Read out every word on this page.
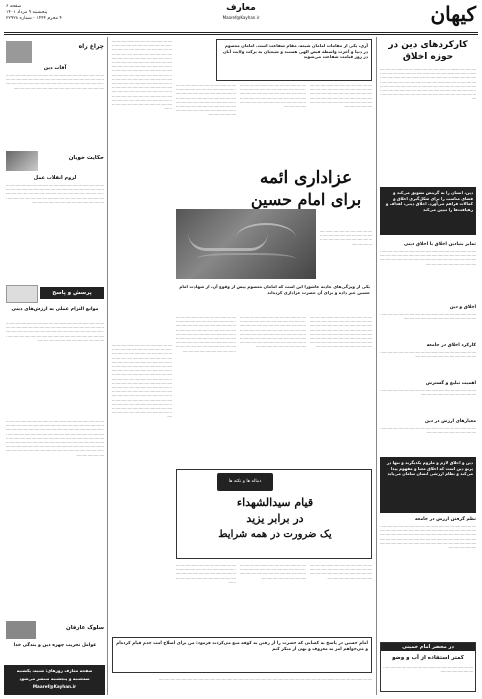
صفحه ۶
پنجشنبه ۹ مرداد ۱۴۰۱
۴ محرم ۱۴۴۴ - شماره ۲۲۹۲۸
معارف
Maaref@Kayhan.ir	کیهان
کارکردهای دین در حوزه اخلاق
ــــ ــــــ ـــــ ــــــــ ـــ ـــــــ ــــــ ــــ ـــــ ــــــــ ـــ ـــــ ـــــــ ــــ ـــــ ـــــ ـــــــ ــ ـــــ ـــــ ـــــــ ــــــ ــــ ـــــ ـــــــ ـــــ ـــــ ـــــ ـــــــ ــــ ـــــ ـــــ ــــــ ـــــ ـــــ ـــــــ ـــ ـــــ ــــــ ـــــ ــــ ـــــ ـــــــ ـــــ ـــــ ـــــــ ـــــ ـــــ ـــــ ـــــ ـــــ ـــ ـــــ ـــــ ـــــــ ـــــ ـــــ ــــ ـــــ ـــــ ـــــ ـــــ ـــــ ـــــ ـــــ ـــــ ـــــ ـــــ ـــــ ــــ ـــــ ـــــ ـــــ ـــــ ـــــ ـــ ـــــ ـــــ ـــــ ـــــ ـــــ ـــــ ـــــ ـــــ ـــــ ـــــ ـــــ ـــــ ـــــ ـــــ ـــــ ـــــ ـــــ ـــــ ـــــ ـــــ ـــــ ـــــ ـــــ ـــــ ـــــ ـــــ ـــــ ـــــ ـــــ ـــــ ـــــ ـــــ ـــــ ـــــ ـــــ ـــــ ـــــ ـــــ ـــــ ـــــ ـــــ
دین، انسان را به گزینش تشویق می‌کند و فضای مناسب را برای شکل‌گیری اخلاق و کمالات فراهم می‌آورد. اخلاق دینی، اهداف و رهیافت‌ها را تبیین می‌کند
تمایز بنیادین اخلاق با اخلاق دینی
ــــ ــــ ــــــ ـــــ ــــ ـــــ ـــــ ـــــــ ـــــ ــــ ـــــ ـــــ ــــ ـــــ ـــــ ـــــ ـــــ ـــــ ـــــ ـــــ ـــــ ـــــ ـــــ ـــــ ـــــ ـــــ ـــــ ـــــ ـــــ ـــــ ـــــ ـــــ ـــــ ـــــ ـــــ ـــــ ـــــ ـــــ ـــــ ـــــ ـــــ ـــــ ـــــ ـــــ ـــــ ـــــ ـــــ ـــــ ـــــ ـــــ ـــــ ـــــ ـــــ ـــــ ـــــ ـــــ ـــــ ـــــ ـــــ ـــــ
اخلاق و دین
ــــ ــــ ــــــ ـــــ ــــ ـــــ ـــــ ـــــــ ـــــ ــــ ـــــ ـــــ ــــ ـــــ ـــــ ـــــ ـــــ ـــــ ـــــ ـــــ ـــــ ـــــ ـــــ ـــــ ـــــ ـــــ ـــــ ـــــ ـــــ ـــــ
کارکرد اخلاق در جامعه
ــــ ــــ ــــــ ـــــ ــــ ـــــ ـــــ ـــــــ ـــــ ــــ ـــــ ـــــ ــــ ـــــ ـــــ ـــــ ـــــ ـــــ ـــــ ـــــ ـــــ ـــــ ـــــ ـــــ ـــــ ـــــ ـــــ ـــــ
اهمیت تبلیغ و گسترش
ــــ ــــ ــــــ ـــــ ــــ ـــــ ـــــ ـــــــ ـــــ ــــ ـــــ ـــــ ــــ ـــــ ـــــ ـــــ ـــــ ـــــ ـــــ ـــــ ـــــ ـــــ ـــــ ـــــ ـــــ ـــــ ـــــ
معیارهای ارزش در دین
ــــ ــــ ــــــ ـــــ ــــ ـــــ ـــــ ـــــــ ـــــ ــــ ـــــ ـــــ ــــ ـــــ ـــــ ـــــ ـــــ ـــــ ـــــ ـــــ ـــــ ـــــ ـــــ ـــــ ـــــ ـــــ
دین و اخلاق لازم و ملزوم یکدیگرند و تنها در پرتو دین است که اخلاق معنا و مفهوم پیدا می‌کند و نظام ارزشی انسان سامان می‌یابد
نظم گرفتن ارزش در جامعه
ــــ ــــ ــــــ ـــــ ــــ ـــــ ـــــ ـــــــ ـــــ ــــ ـــــ ـــــ ــــ ـــــ ـــــ ـــــ ـــــ ـــــ ـــــ ـــــ ـــــ ـــــ ـــــ ـــــ ـــــ ـــــ ـــــ ـــــ ـــــ ـــــ ـــــ ـــــ ـــــ ـــــ ـــــ ـــــ ـــــ ـــــ ـــــ ـــــ ـــــ ـــــ ـــــ ـــــ ـــــ ـــــ ـــــ ـــــ ـــــ ـــــ ـــــ ـــــ ـــــ ـــــ ـــــ ـــــ ـــــ ـــــ ـــــ ـــــ ـــــ ـــــ ـــــ ـــــ ـــــ ـــــ ـــــ ـــــ ـــــ ـــــ ـــــ ـــــ ـــــ ـــــ ـــــ ـــــ ـــــ ـــــ ـــــ ـــــ ـــــ ـــــ ـــــ ـــــ ـــــ ـــــ ـــــ ـــــ ـــــ ـــــ
در محضر امام خمینی
کمتر استفاده از آب و وضو
ــــ ــــ ــــــ ـــــ ــــ ـــــ ـــــ ـــــــ ـــــ ــــ ـــــ ـــــ ــــ ـــــ ـــــ ـــــ ـــــ ـــــ ـــــ ـــــ ـــــ ـــــ
آری، یکی از مقامات امامان شیعه، مقام شفاعت است. امامان معصوم در دنیا و آخرت واسطه فیض الهی هستند و شیعیان به برکت ولایت آنان در روز قیامت شفاعت می‌شوند
ــــ ــــ ــــــ ـــــ ــــ ـــــ ـــــ ـــــــ ـــــ ــــ ـــــ ـــــ ــــ ـــــ ـــــ ـــــ ـــــ ـــــ ـــــ ـــــ ـــــ ـــــ ـــــ ـــــ ـــــ ـــــ ـــــ ـــــ ـــــ ـــــ ـــــ ـــــ ـــــ ـــــ ـــــ ـــــ ـــــ ـــــ ـــــ ـــــ ـــــ ـــــ ـــــ ـــــ ـــــ ـــــ ـــــ ـــــ ـــــ ـــــ ـــــ ـــــ ـــــ ـــــ ـــــ ـــــ ـــــ ـــــ ـــــ ـــــ ـــــ ـــــ ـــــ ـــــ ـــــ ـــــ ـــــ ـــــ ـــــ ـــــ ـــــ ـــــ ـــــ ـــــ ـــــ ـــــ ـــــ ـــــ ـــــ ـــــ ـــــ ـــــ ـــــ ـــــ ـــــ ـــــ ـــــ ـــــ ـــــ ـــــ ـــــ ـــــ ـــــ ـــــ ـــــ ـــــ ـــــ ـــــ ـــــ ـــــ ـــــ ـــــ ـــــ ـــــ ـــــ ـــــ ـــــ ـــــ ـــــ ـــــ ـــــ ـــــ ـــــ ـــــ ـــــ ـــــ ـــــ ـــــ ـــــ ـــــ ـــــ ـــــ ـــــ ـــــ ـــــ ـــــ ـــــ ـــــ ـــــ ـــــ ـــــ ـــــ ـــــ ـــــ ـــــ ـــــ ـــــ ـــــ ـــــ ـــــ ـــــ ـــــ ـــــ ـــــ ـــــ ـــــ ـــــ ـــــ ـــــ ـــــ ـــــ ـــــ ـــــ ـــــ ـــــ ـــــ ـــــ ـــــ ـــــ ـــــ ـــــ ـــــ ـــــ ـــــ ـــــ ـــــ ـــــ ـــــ ـــــ ـــــ
ــــ ــــ ــــــ ـــــ ــــ ـــــ ـــــ ـــــــ ـــــ ــــ ـــــ ـــــ ــــ ـــــ ـــــ ـــــ ـــــ ـــــ ـــــ ـــــ ـــــ ـــــ ـــــ ـــــ ـــــ ـــــ ـــــ ـــــ ـــــ ـــــ ـــــ ـــــ ـــــ ـــــ ـــــ ـــــ ـــــ ـــــ ـــــ ـــــ ـــــ ـــــ ـــــ ـــــ ـــــ ـــــ ـــــ ـــــ ـــــ ـــــ ـــــ ـــــ ـــــ ـــــ ـــــ ـــــ ـــــ ـــــ ـــــ ـــــ ـــــ ـــــ ـــــ ـــــ ـــــ ـــــ ـــــ ـــــ ـــــ ـــــ ـــــ ـــــ ـــــ ـــــ ـــــ ـــــ ـــــ ـــــ ـــــ
ــــ ــــ ــــــ ـــــ ــــ ـــــ ـــــ ـــــــ ـــــ ــــ ـــــ ـــــ ــــ ـــــ ـــــ ـــــ ـــــ ـــــ ـــــ ـــــ ـــــ ـــــ ـــــ ـــــ ـــــ ـــــ ـــــ ـــــ ـــــ ـــــ ـــــ ـــــ ـــــ ـــــ ـــــ ـــــ ـــــ ـــــ ـــــ ـــــ ـــــ ـــــ ـــــ ـــــ ـــــ ـــــ ـــــ ـــــ ـــــ ـــــ ـــــ ـــــ ـــــ ـــــ ـــــ ـــــ ـــــ ـــــ ـــــ ـــــ ـــــ ـــــ
ــــ ــــ ــــــ ـــــ ــــ ـــــ ـــــ ـــــــ ـــــ ــــ ـــــ ـــــ ــــ ـــــ ـــــ ـــــ ـــــ ـــــ ـــــ ـــــ ـــــ ـــــ ـــــ ـــــ ـــــ ـــــ ـــــ ـــــ ـــــ ـــــ ـــــ ـــــ ـــــ ـــــ ـــــ ـــــ ـــــ ـــــ ـــــ ـــــ ـــــ ـــــ ـــــ ـــــ ـــــ ـــــ ـــــ ـــــ ـــــ ـــــ ـــــ ـــــ ـــــ ـــــ ـــــ ـــــ ـــــ ـــــ ـــــ ـــــ
عزاداری ائمه
برای امام حسین
ــــ ــــ ــــــ ـــــ ــــ ـــــ ـــــ ـــــــ ـــــ ــــ ـــــ ـــــ ــــ ـــــ ـــــ ـــــ ـــــ ـــــ ـــــ ـــــ ـــــ ـــــ ـــــ ـــــ ـــــ ـــــ ـــــ ـــــ ـــــ ـــــ ـــــ
یکی از ویژگی‌های حادثه عاشورا این است که امامان معصوم پیش از وقوع آن، از شهادت امام حسین خبر داده و برای آن حضرت عزاداری کرده‌اند
ــــ ــــ ــــــ ـــــ ــــ ـــــ ـــــ ـــــــ ـــــ ــــ ـــــ ـــــ ــــ ـــــ ـــــ ـــــ ـــــ ـــــ ـــــ ـــــ ـــــ ـــــ ـــــ ـــــ ـــــ ـــــ ـــــ ـــــ ـــــ ـــــ ـــــ ـــــ ـــــ ـــــ ـــــ ـــــ ـــــ ـــــ ـــــ ـــــ ـــــ ـــــ ـــــ ـــــ ـــــ ـــــ ـــــ ـــــ ـــــ ـــــ ـــــ ـــــ ـــــ ـــــ ـــــ ـــــ ـــــ ـــــ ـــــ ـــــ ـــــ ـــــ ـــــ ـــــ ـــــ ـــــ ـــــ ـــــ ـــــ ـــــ ـــــ ـــــ ـــــ ـــــ ـــــ ـــــ ـــــ ـــــ ـــــ ـــــ ـــــ ـــــ ـــــ ـــــ ـــــ ـــــ ـــــ ـــــ ـــــ ـــــ ـــــ ـــــ ـــــ ـــــ
ــــ ــــ ــــــ ـــــ ــــ ـــــ ـــــ ـــــــ ـــــ ــــ ـــــ ـــــ ــــ ـــــ ـــــ ـــــ ـــــ ـــــ ـــــ ـــــ ـــــ ـــــ ـــــ ـــــ ـــــ ـــــ ـــــ ـــــ ـــــ ـــــ ـــــ ـــــ ـــــ ـــــ ـــــ ـــــ ـــــ ـــــ ـــــ ـــــ ـــــ ـــــ ـــــ ـــــ ـــــ ـــــ ـــــ ـــــ ـــــ ـــــ ـــــ ـــــ ـــــ ـــــ ـــــ ـــــ ـــــ ـــــ ـــــ ـــــ ـــــ ـــــ ـــــ ـــــ ـــــ ـــــ ـــــ ـــــ ـــــ ـــــ ـــــ ـــــ ـــــ ـــــ ـــــ ـــــ ـــــ ـــــ ـــــ ـــــ ـــــ ـــــ ـــــ ـــــ ـــــ ـــــ ـــــ ـــــ ـــــ ـــــ
ــــ ــــ ــــــ ـــــ ــــ ـــــ ـــــ ـــــــ ـــــ ــــ ـــــ ـــــ ــــ ـــــ ـــــ ـــــ ـــــ ـــــ ـــــ ـــــ ـــــ ـــــ ـــــ ـــــ ـــــ ـــــ ـــــ ـــــ ـــــ ـــــ ـــــ ـــــ ـــــ ـــــ ـــــ ـــــ ـــــ ـــــ ـــــ ـــــ ـــــ ـــــ ـــــ ـــــ ـــــ ـــــ ـــــ ـــــ ـــــ ـــــ ـــــ ـــــ ـــــ ـــــ ـــــ ـــــ ـــــ ـــــ ـــــ ـــــ ـــــ ـــــ ـــــ ـــــ ـــــ ـــــ ـــــ ـــــ ـــــ ـــــ ـــــ ـــــ ـــــ ـــــ ـــــ ـــــ ـــــ ـــــ ـــــ ـــــ ـــــ ـــــ ـــــ ـــــ ـــــ ـــــ ـــــ
ــــ ــــ ــــــ ـــــ ــــ ـــــ ـــــ ـــــــ ـــــ ــــ ـــــ ـــــ ــــ ـــــ ـــــ ـــــ ـــــ ـــــ ـــــ ـــــ ـــــ ـــــ ـــــ ـــــ ـــــ ـــــ ـــــ ـــــ ـــــ ـــــ ـــــ ـــــ ـــــ ـــــ ـــــ ـــــ ـــــ ـــــ ـــــ ـــــ ـــــ ـــــ ـــــ ـــــ ـــــ ـــــ ـــــ ـــــ ـــــ ـــــ ـــــ ـــــ ـــــ ـــــ ـــــ ـــــ ـــــ ـــــ ـــــ ـــــ ـــــ ـــــ ـــــ ـــــ ـــــ ـــــ ـــــ ـــــ ـــــ ـــــ ـــــ ـــــ ـــــ ـــــ ـــــ ـــــ ـــــ ـــــ ـــــ ـــــ ـــــ ـــــ ـــــ ـــــ ـــــ ـــــ ـــــ ـــــ ـــــ ـــــ ـــــ ـــــ ـــــ ـــــ ـــــ ـــــ ـــــ ـــــ ـــــ ـــــ ـــــ ـــــ ـــــ ـــــ ـــــ ـــــ ـــــ ـــــ ـــــ ـــــ ـــــ ـــــ ـــــ ـــــ ـــــ ـــــ ـــــ ـــــ ـــــ ـــــ ـــــ ـــــ ـــــ ـــــ ـــــ ـــــ ـــــ ـــــ ـــــ ـــــ ـــــ ـــــ ـــــ ـــــ ـــــ ـــــ ـــــ ـــــ ـــــ ـــــ ـــــ ـــــ ـــــ ـــــ ـــــ ـــــ ـــــ ـــــ ـــــ ـــــ ـــــ ـــــ ـــــ ـــــ ـــــ ـــــ ـــــ ـــــ ـــــ ـــــ ـــــ ـــــ ـــــ ـــــ ـــــ ـــــ ـــــ ـــــ ـــــ ـــــ ـــــ ـــــ ـــــ ـــــ ـــــ ـــــ ـــــ ـــــ ـــــ ـــــ
دنباله ها و نکته ها
قیام سیدالشهداء
در برابر یزید
یک ضرورت در همه شرایط
ــــ ــــ ــــــ ـــــ ــــ ـــــ ـــــ ـــــــ ـــــ ــــ ـــــ ـــــ ــــ ـــــ ـــــ ـــــ ـــــ ـــــ ـــــ ـــــ ـــــ ـــــ ـــــ ـــــ ـــــ ـــــ ـــــ ـــــ ـــــ ـــــ ـــــ ـــــ ـــــ ـــــ ـــــ ـــــ ـــــ ـــــ ـــــ ـــــ ـــــ ـــــ ـــــ ـــــ
ــــ ــــ ــــــ ـــــ ــــ ـــــ ـــــ ـــــــ ـــــ ــــ ـــــ ـــــ ــــ ـــــ ـــــ ـــــ ـــــ ـــــ ـــــ ـــــ ـــــ ـــــ ـــــ ـــــ ـــــ ـــــ ـــــ ـــــ ـــــ ـــــ ـــــ ـــــ ـــــ ـــــ ـــــ ـــــ ـــــ ـــــ ـــــ ـــــ ـــــ ـــــ ـــــ
ــــ ــــ ــــــ ـــــ ــــ ـــــ ـــــ ـــــــ ـــــ ــــ ـــــ ـــــ ــــ ـــــ ـــــ ـــــ ـــــ ـــــ ـــــ ـــــ ـــــ ـــــ ـــــ ـــــ ـــــ ـــــ ـــــ ـــــ ـــــ ـــــ ـــــ ـــــ ـــــ ـــــ ـــــ ـــــ ـــــ ـــــ ـــــ ـــــ ـــــ
امام حسین در پاسخ به کسانی که حضرت را از رفتن به کوفه منع می‌کردند فرمود: من برای اصلاح امت جدم قیام کرده‌ام و می‌خواهم امر به معروف و نهی از منکر کنم
ــــ ــــ ــــــ ـــــ ــــ ـــــ ـــــ ـــــــ ـــــ ــــ ـــــ ـــــ ــــ ـــــ ـــــ ـــــ ـــــ ـــــ ـــــ ـــــ ـــــ ـــــ ـــــ ـــــ ـــــ ـــــ ـــــ ـــــ ـــــ ـــــ ـــــ ـــــ ـــــ ـــــ ـــــ ـــــ ـــــ ـــــ
چراغ راه
آفات دین
ــــ ــــ ــــــ ـــــ ــــ ـــــ ـــــ ـــــــ ـــــ ــــ ـــــ ـــــ ــــ ـــــ ـــــ ـــــ ـــــ ـــــ ـــــ ـــــ ـــــ ـــــ ـــــ ـــــ ـــــ ـــــ ـــــ ـــــ ـــــ ـــــ ـــــ ـــــ ـــــ ـــــ ـــــ ـــــ ـــــ ـــــ ـــــ ـــــ ـــــ ـــــ ـــــ ـــــ ـــــ ـــــ ـــــ ـــــ ـــــ ـــــ ـــــ ـــــ ـــــ ـــــ ـــــ ـــــ ـــــ ـــــ ـــــ ـــــ ـــــ ـــــ ـــــ ـــــ ـــــ ـــــ ـــــ ـــــ
حکایت خوبان
لزوم انقلاب عمل
ــــ ــــ ــــــ ـــــ ــــ ـــــ ـــــ ـــــــ ـــــ ــــ ـــــ ـــــ ــــ ـــــ ـــــ ـــــ ـــــ ـــــ ـــــ ـــــ ـــــ ـــــ ـــــ ـــــ ـــــ ـــــ ـــــ ـــــ ـــــ ـــــ ـــــ ـــــ ـــــ ـــــ ـــــ ـــــ ـــــ ـــــ ـــــ ـــــ ـــــ ـــــ ـــــ ـــــ ـــــ ـــــ ـــــ ـــــ ـــــ ـــــ ـــــ ـــــ ـــــ ـــــ ـــــ ـــــ ـــــ ـــــ ـــــ ـــــ ـــــ ـــــ ـــــ ـــــ ـــــ ـــــ ـــــ ـــــ ـــــ ـــــ ـــــ ـــــ ـــــ ـــــ ـــــ ـــــ ـــــ ـــــ ـــــ ـــــ ـــــ ـــــ
پرسش و پاسخ
موانع التزام عملی به ارزش‌های دینی
ــــ ــــ ــــــ ـــــ ــــ ـــــ ـــــ ـــــــ ـــــ ــــ ـــــ ـــــ ــــ ـــــ ـــــ ـــــ ـــــ ـــــ ـــــ ـــــ ـــــ ـــــ ـــــ ـــــ ـــــ ـــــ ـــــ ـــــ ـــــ ـــــ ـــــ ـــــ ـــــ ـــــ ـــــ ـــــ ـــــ ـــــ ـــــ ـــــ ـــــ ـــــ ـــــ ـــــ ـــــ ـــــ ـــــ ـــــ ـــــ ـــــ ـــــ ـــــ ـــــ ـــــ ـــــ ـــــ ـــــ ـــــ ـــــ ـــــ ـــــ ـــــ ـــــ ـــــ ـــــ ـــــ ـــــ ـــــ ـــــ ـــــ ـــــ ـــــ ـــــ ـــــ ـــــ ـــــ ـــــ ـــــ ـــــ ـــــ ـــــ
ــــ ــــ ــــــ ـــــ ــــ ـــــ ـــــ ـــــــ ـــــ ــــ ـــــ ـــــ ــــ ـــــ ـــــ ـــــ ـــــ ـــــ ـــــ ـــــ ـــــ ـــــ ـــــ ـــــ ـــــ ـــــ ـــــ ـــــ ـــــ ـــــ ـــــ ـــــ ـــــ ـــــ ـــــ ـــــ ـــــ ـــــ ـــــ ـــــ ـــــ ـــــ ـــــ ـــــ ـــــ ـــــ ـــــ ـــــ ـــــ ـــــ ـــــ ـــــ ـــــ ـــــ ـــــ ـــــ ـــــ ـــــ ـــــ ـــــ ـــــ ـــــ ـــــ ـــــ ـــــ ـــــ ـــــ ـــــ ـــــ ـــــ ـــــ ـــــ ـــــ ـــــ ـــــ ـــــ ـــــ ـــــ ـــــ ـــــ ـــــ ـــــ ـــــ ـــــ ـــــ ـــــ ـــــ ـــــ ـــــ ـــــ ـــــ ـــــ ـــــ ـــــ ـــــ ـــــ ـــــ ـــــ ـــــ ـــــ ـــــ ـــــ ـــــ ـــــ ـــــ ـــــ ـــــ ـــــ ـــــ ـــــ ـــــ ـــــ ـــــ ـــــ ـــــ ـــــ ـــــ ـــــ ـــــ ـــــ ـــــ ـــــ ـــــ ـــــ ـــــ ـــــ ـــــ ـــــ ـــــ ـــــ ـــــ ـــــ ـــــ ـــــ ـــــ ـــــ ـــــ ـــــ ـــــ ـــــ ـــــ ـــــ ـــــ
سلوک عارفان
عوامل تخریب چهره دین و بندگی خدا
صفحه معارف روزهای: شنبه، یکشنبه
سه‌شنبه و پنجشنبه منتشر می‌شود
Maaref@Kayhan.ir
